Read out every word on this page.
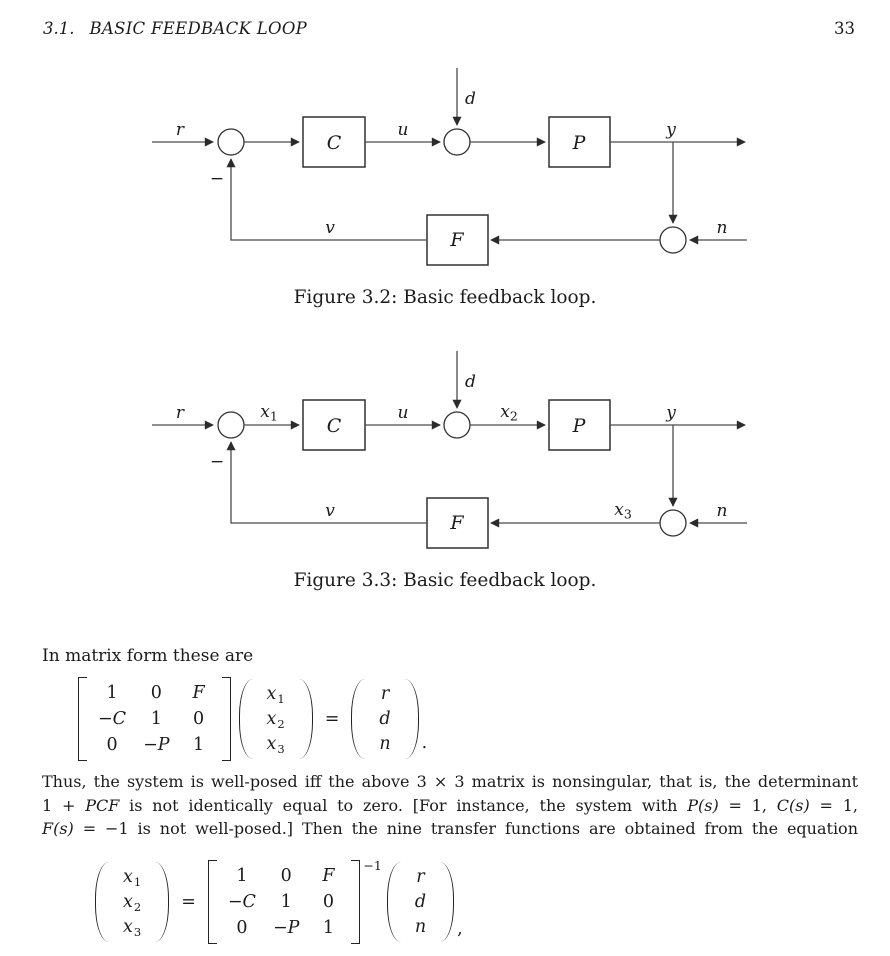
3.1. BASIC FEEDBACK LOOP	33
C	P
F
r	u
d
y
n
v
−
Figure 3.2: Basic feedback loop.
C	P
F
r	$x_1$	u
d
$x_2$	y
$x_3$	n
v
−
Figure 3.3: Basic feedback loop.
In matrix form these are
1	0	F
−C	1	0
0	−P	1
$x_1$
$x_2$
$x_3$
=
r
d
n .
Thus, the system is well-posed iff the above 3 × 3 matrix is nonsingular, that is, the determinant
1 + PCF is not identically equal to zero. [For instance, the system with P(s) = 1, C(s) = 1,
F(s) = −1 is not well-posed.] Then the nine transfer functions are obtained from the equation
$x_1$
$x_2$
$x_3$
=
1	0	F
−C	1	0
0	−P	1
−1
r
d
n ,
